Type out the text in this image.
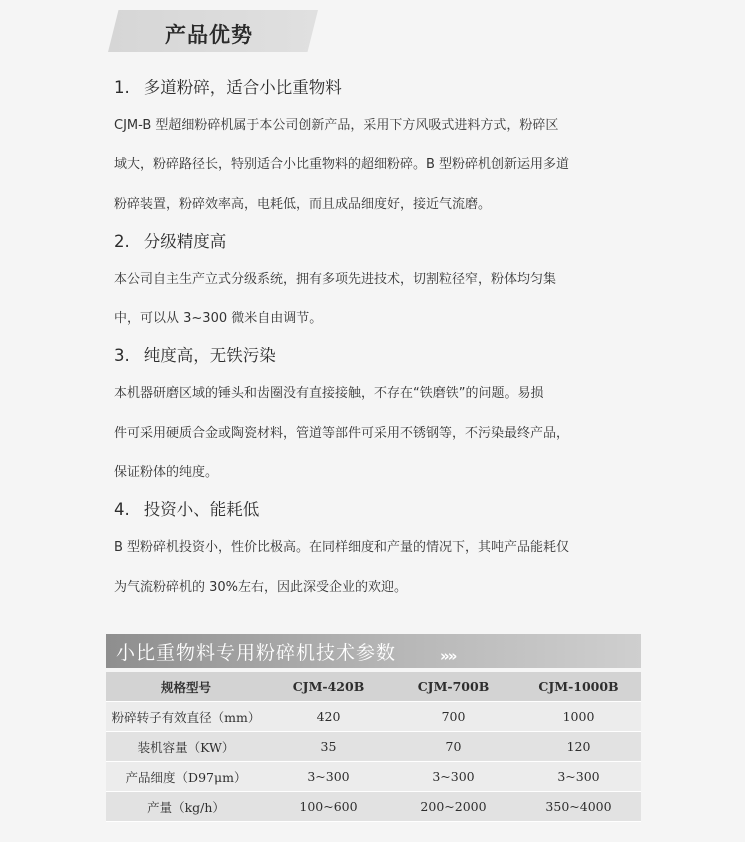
产品优势
1. 多道粉碎，适合小比重物料

CJM-B 型超细粉碎机属于本公司创新产品，采用下方风吸式进料方式，粉碎区

域大，粉碎路径长，特别适合小比重物料的超细粉碎。B 型粉碎机创新运用多道

粉碎装置，粉碎效率高，电耗低，而且成品细度好，接近气流磨。

2. 分级精度高

本公司自主生产立式分级系统，拥有多项先进技术，切割粒径窄，粉体均匀集

中，可以从 3~300 微米自由调节。

3. 纯度高，无铁污染

本机器研磨区域的锤头和齿圈没有直接接触，不存在“铁磨铁”的问题。易损

件可采用硬质合金或陶瓷材料，管道等部件可采用不锈钢等，不污染最终产品，

保证粉体的纯度。

4. 投资小、能耗低

B 型粉碎机投资小，性价比极高。在同样细度和产量的情况下，其吨产品能耗仅

为气流粉碎机的 30%左右，因此深受企业的欢迎。

小比重物料专用粉碎机技术参数	»»
规格型号	CJM-420B	CJM-700B	CJM-1000B
粉碎转子有效直径（mm）	420	700	1000
装机容量（KW）	35	70	120
产品细度（D97μm）	3~300	3~300	3~300
产量（kg/h）	100~600	200~2000	350~4000
